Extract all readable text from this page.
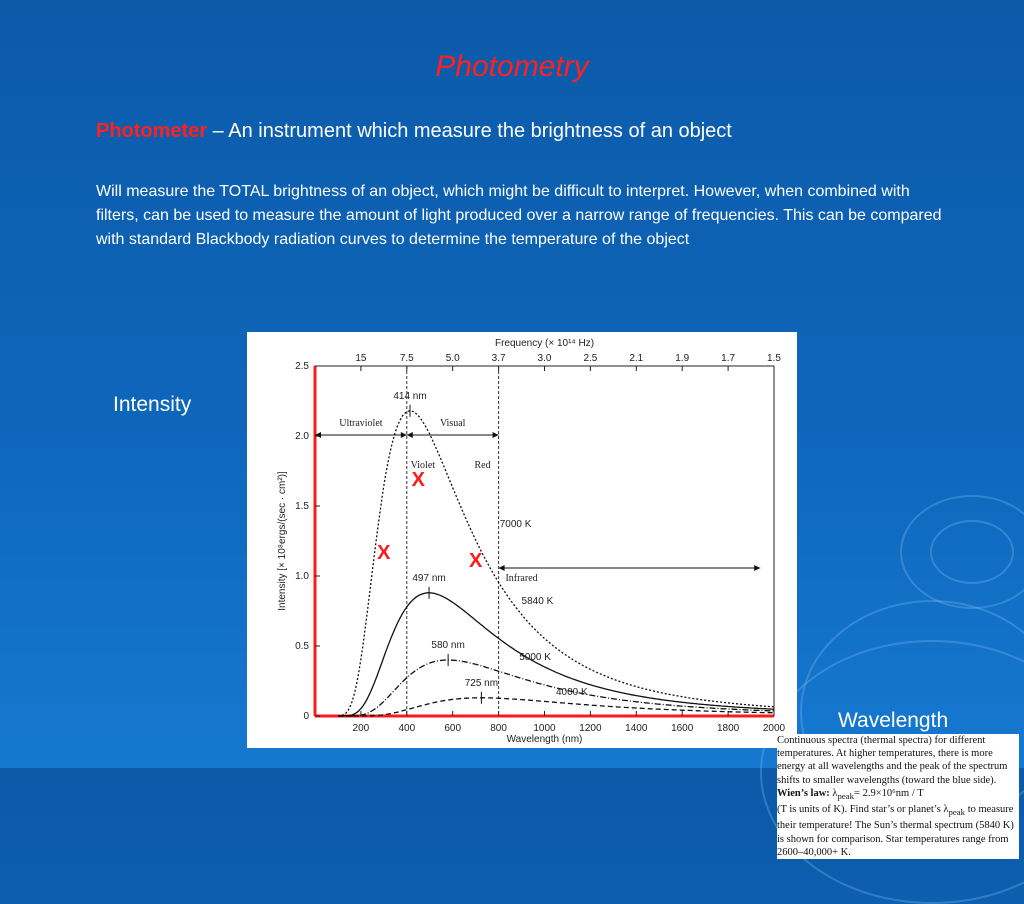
Photometry
Photometer – An instrument which measure the brightness of an object
Will measure the TOTAL brightness of an object, which might be difficult to interpret. However, when combined with filters, can be used to measure the amount of light produced over a narrow range of frequencies. This can be compared with standard Blackbody radiation curves to determine the temperature of the object
Intensity
Wavelength
200	400	600	800	1000 1200 1400 1600 1800 2000
0
0.5
1.0
1.5
2.0
2.5
15	7.5	5.0	3.7	3.0	2.5	2.1	1.9	1.7	1.5
Wavelength (nm)
Frequency (× 10¹⁴ Hz)
Intensity [× 10⁸ergs/(sec · cm²)]
414 nm
497 nm
580 nm
725 nm
7000 K
5840 K
5000 K
4000 K
Ultraviolet	Visual
Infrared
Violet	Red
X
X
X
Continuous spectra (thermal spectra) for different temperatures. At higher temperatures, there is more energy at all wavelengths and the peak of the spectrum shifts to smaller wavelengths (toward the blue side). Wien’s law: $\lambda_{peak}= 2.9\times 10^6nm / T$
(T is units of K). Find star’s or planet’s $\lambda_{peak}$ to measure their temperature! The Sun’s thermal spectrum (5840 K) is shown for comparison. Star temperatures range from 2600–40,000+ K.
